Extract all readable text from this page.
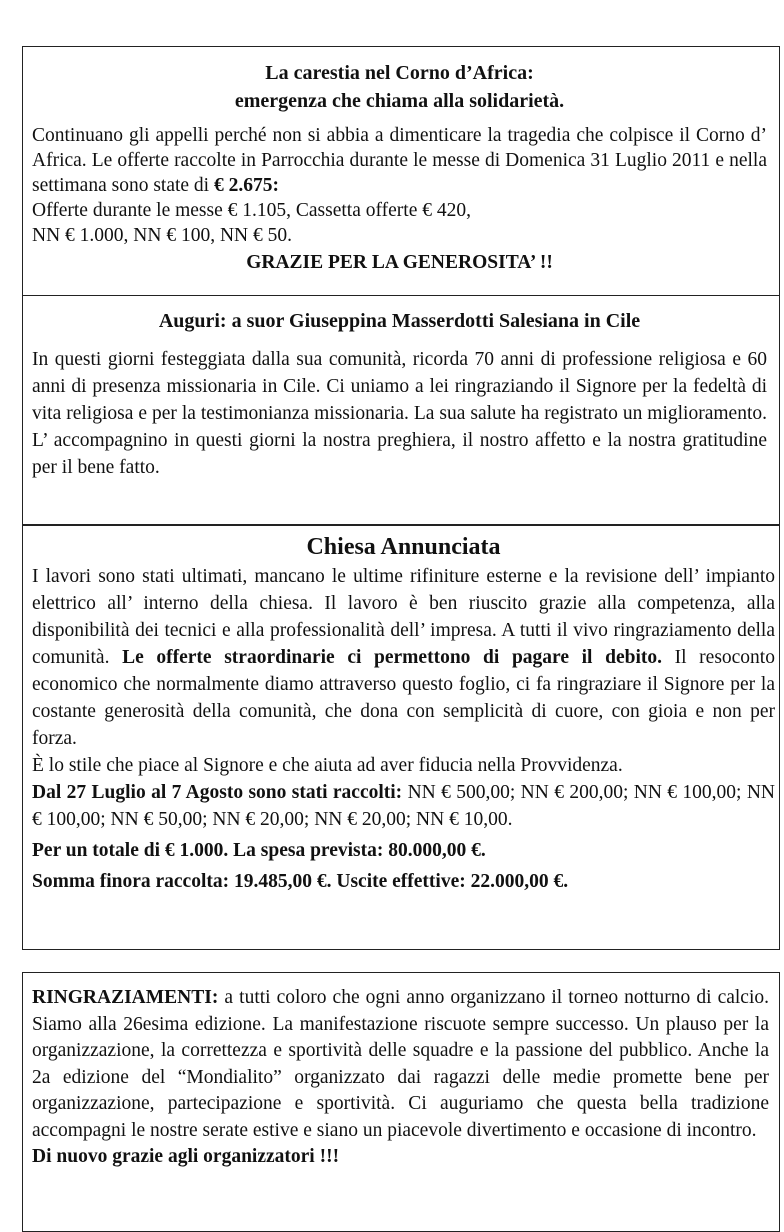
La carestia nel Corno d’Africa:
emergenza che chiama alla solidarietà.

Continuano gli appelli perché non si abbia a dimenticare la tragedia che colpisce il Corno d’ Africa. Le offerte raccolte in Parrocchia durante le messe di Domenica 31 Luglio 2011 e nella settimana sono state di € 2.675:

Offerte durante le messe € 1.105, Cassetta offerte € 420,

NN € 1.000, NN € 100, NN € 50.

GRAZIE PER LA GENEROSITA’ !!
Auguri: a suor Giuseppina Masserdotti Salesiana in Cile

In questi giorni festeggiata dalla sua comunità, ricorda 70 anni di professione religiosa e 60 anni di presenza missionaria in Cile. Ci uniamo a lei ringraziando il Signore per la fedeltà di vita religiosa e per la testimonianza missionaria. La sua salute ha registrato un miglioramento. L’ accompagnino in questi giorni la nostra preghiera, il nostro affetto e la nostra gratitudine per il bene fatto.

Chiesa Annunciata

I lavori sono stati ultimati, mancano le ultime rifiniture esterne e la revisione dell’ impianto elettrico all’ interno della chiesa. Il lavoro è ben riuscito grazie alla competenza, alla disponibilità dei tecnici e alla professionalità dell’ impresa. A tutti il vivo ringraziamento della comunità. Le offerte straordinarie ci permettono di pagare il debito. Il resoconto economico che normalmente diamo attraverso questo foglio, ci fa ringraziare il Signore per la costante generosità della comunità, che dona con semplicità di cuore, con gioia e non per forza.

È lo stile che piace al Signore e che aiuta ad aver fiducia nella Provvidenza.

Dal 27 Luglio al 7 Agosto sono stati raccolti: NN € 500,00; NN € 200,00; NN € 100,00; NN € 100,00; NN € 50,00; NN € 20,00; NN € 20,00; NN € 10,00.

Per un totale di € 1.000. La spesa prevista: 80.000,00 €.

Somma finora raccolta: 19.485,00 €. Uscite effettive: 22.000,00 €.

RINGRAZIAMENTI: a tutti coloro che ogni anno organizzano il torneo notturno di calcio. Siamo alla 26esima edizione. La manifestazione riscuote sempre successo. Un plauso per la organizzazione, la correttezza e sportività delle squadre e la passione del pubblico. Anche la 2a edizione del “Mondialito” organizzato dai ragazzi delle medie promette bene per organizzazione, partecipazione e sportività. Ci auguriamo che questa bella tradizione accompagni le nostre serate estive e siano un piacevole divertimento e occasione di incontro.

Di nuovo grazie agli organizzatori !!!
